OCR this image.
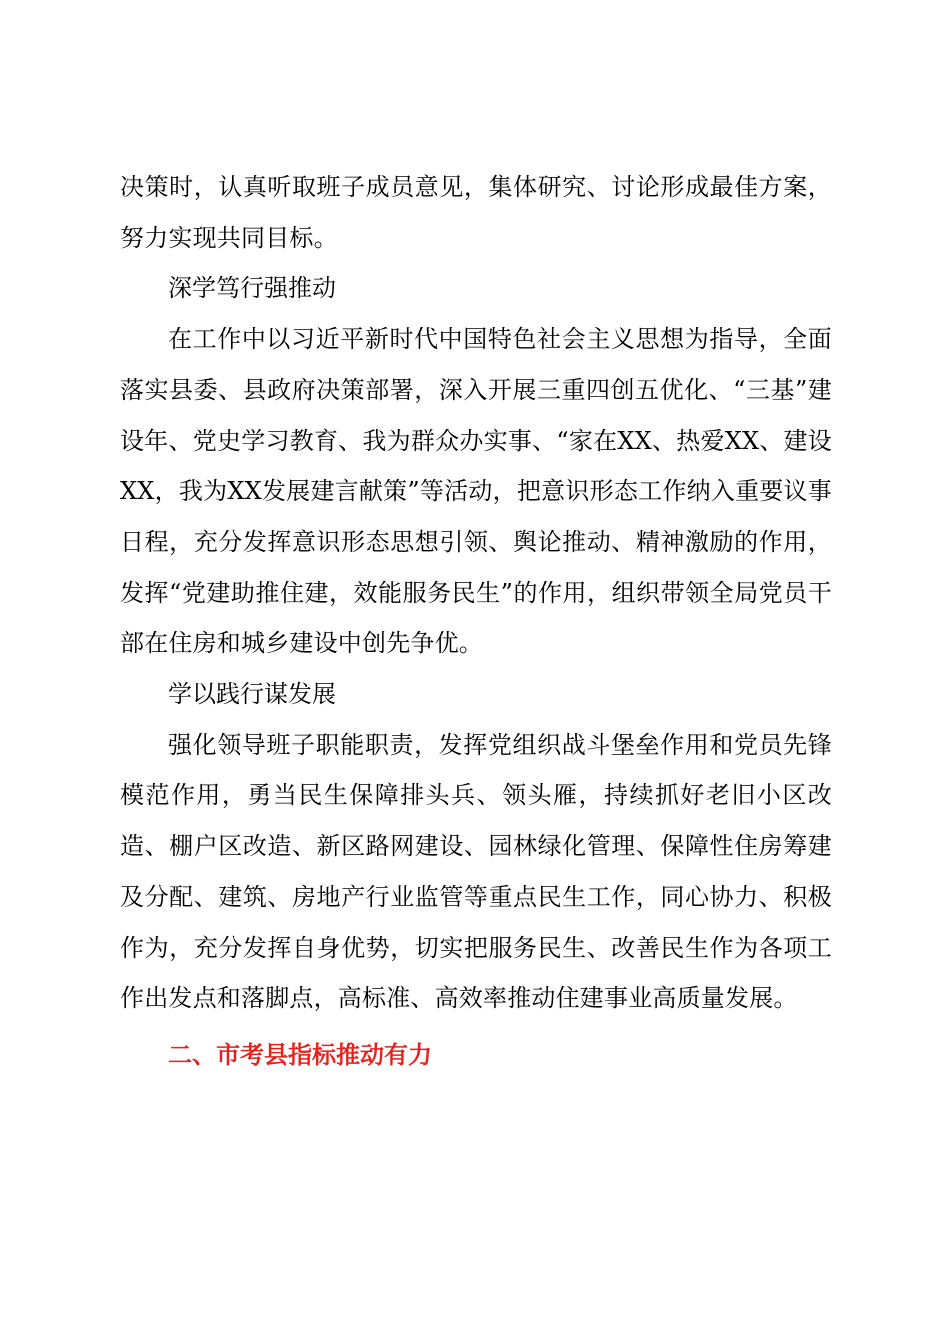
决策时，认真听取班子成员意见，集体研究、讨论形成最佳方案，努力实现共同目标。

深学笃行强推动

在工作中以习近平新时代中国特色社会主义思想为指导，全面落实县委、县政府决策部署，深入开展三重四创五优化、“三基”建设年、党史学习教育、我为群众办实事、“家在XX、热爱XX、建设XX，我为XX发展建言献策”等活动，把意识形态工作纳入重要议事日程，充分发挥意识形态思想引领、舆论推动、精神激励的作用，发挥“党建助推住建，效能服务民生”的作用，组织带领全局党员干部在住房和城乡建设中创先争优。

学以践行谋发展

强化领导班子职能职责，发挥党组织战斗堡垒作用和党员先锋模范作用，勇当民生保障排头兵、领头雁，持续抓好老旧小区改造、棚户区改造、新区路网建设、园林绿化管理、保障性住房筹建及分配、建筑、房地产行业监管等重点民生工作，同心协力、积极作为，充分发挥自身优势，切实把服务民生、改善民生作为各项工作出发点和落脚点，高标准、高效率推动住建事业高质量发展。

二、市考县指标推动有力
